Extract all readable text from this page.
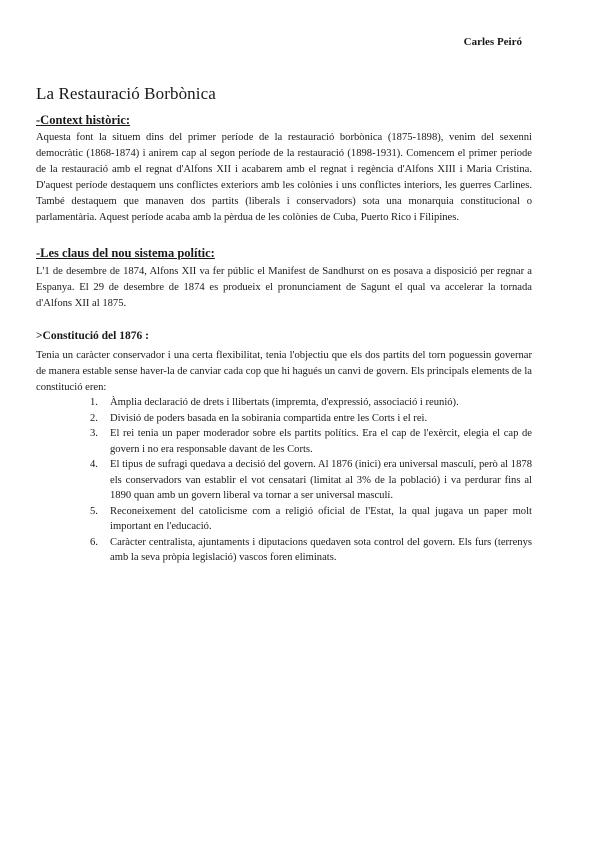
Carles Peiró
La Restauració Borbònica
-Context històric:

Aquesta font la situem dins del primer període de la restauració borbònica (1875-1898), venim del sexenni democràtic (1868-1874) i anirem cap al segon període de la restauració (1898-1931). Comencem el primer període de la restauració amb el regnat d'Alfons XII i acabarem amb el regnat i regència d'Alfons XIII i Maria Cristina. D'aquest període destaquem uns conflictes exteriors amb les colònies i uns conflictes interiors, les guerres Carlines. També destaquem que manaven dos partits (liberals i conservadors) sota una monarquia constitucional o parlamentària. Aquest període acaba amb la pèrdua de les colònies de Cuba, Puerto Rico i Filipines.

-Les claus del nou sistema polític:

L'1 de desembre de 1874, Alfons XII va fer públic el Manifest de Sandhurst on es posava a disposició per regnar a Espanya. El 29 de desembre de 1874 es produeix el pronunciament de Sagunt el qual va accelerar la tornada d'Alfons XII al 1875.

>Constitució del 1876 :

Tenia un caràcter conservador i una certa flexibilitat, tenia l'objectiu que els dos partits del torn poguessin governar de manera estable sense haver-la de canviar cada cop que hi hagués un canvi de govern. Els principals elements de la constitució eren:

1. Àmplia declaració de drets i llibertats (impremta, d'expressió, associació i reunió).
2. Divisió de poders basada en la sobirania compartida entre les Corts i el rei.
3. El rei tenia un paper moderador sobre els partits polítics. Era el cap de l'exèrcit, elegia el cap de govern i no era responsable davant de les Corts.
4. El tipus de sufragi quedava a decisió del govern. Al 1876 (inici) era universal masculí, però al 1878 els conservadors van establir el vot censatari (limitat al 3% de la població) i va perdurar fins al 1890 quan amb un govern liberal va tornar a ser universal masculí.
5. Reconeixement del catolicisme com a religió oficial de l'Estat, la qual jugava un paper molt important en l'educació.
6. Caràcter centralista, ajuntaments i diputacions quedaven sota control del govern. Els furs (terrenys amb la seva pròpia legislació) vascos foren eliminats.
